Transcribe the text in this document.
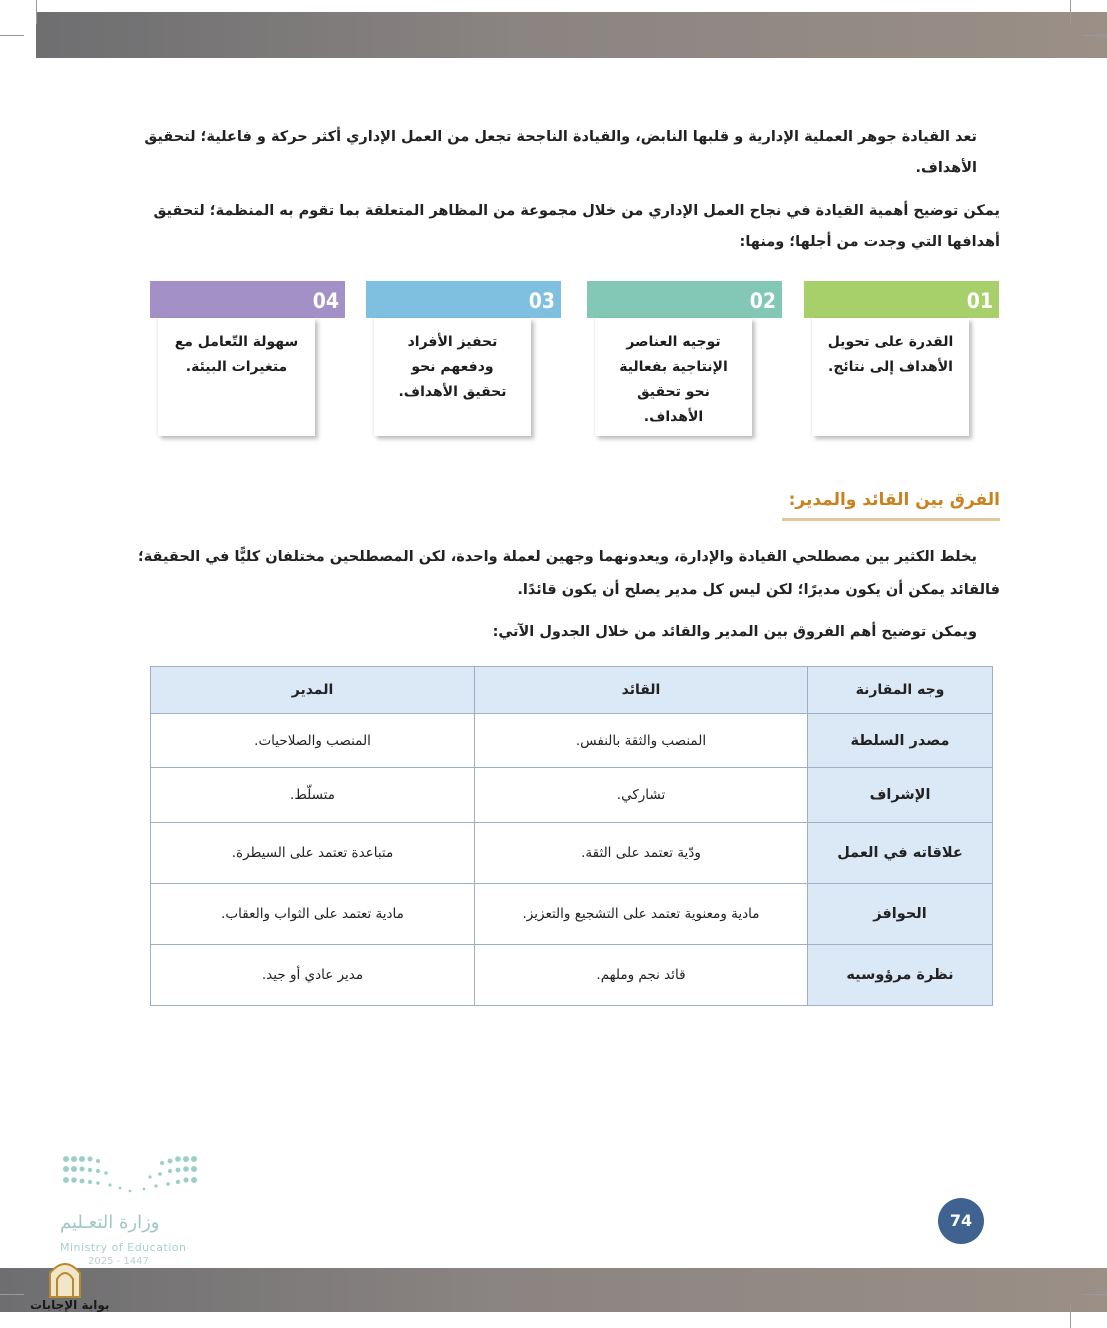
تعد القيادة جوهر العملية الإدارية و قلبها النابض، والقيادة الناجحة تجعل من العمل الإداري أكثر حركة و فاعلية؛ لتحقيق الأهداف.
يمكن توضيح أهمية القيادة في نجاح العمل الإداري من خلال مجموعة من المظاهر المتعلقة بما تقوم به المنظمة؛ لتحقيق أهدافها التي وجدت من أجلها؛ ومنها:
04
سهولة التّعامل مع متغيرات البيئة.
03
تحفيز الأفراد ودفعهم نحو تحقيق الأهداف.
02
توجيه العناصر الإنتاجية بفعالية نحو تحقيق الأهداف.
01
القدرة على تحويل الأهداف إلى نتائج.
الفرق بين القائد والمدير:
يخلط الكثير بين مصطلحي القيادة والإدارة، ويعدونهما وجهين لعملة واحدة، لكن المصطلحين مختلفان كليًّا في الحقيقة؛
فالقائد يمكن أن يكون مديرًا؛ لكن ليس كل مدير يصلح أن يكون قائدًا.
ويمكن توضيح أهم الفروق بين المدير والقائد من خلال الجدول الآتي:
وجه المقارنة	القائد	المدير
مصدر السلطة	المنصب والثقة بالنفس.	المنصب والصلاحيات.
الإشراف	تشاركي.	متسلّط.
علاقاته في العمل	ودّية تعتمد على الثقة.	متباعدة تعتمد على السيطرة.
الحوافز	مادية ومعنوية تعتمد على التشجيع والتعزيز.	مادية تعتمد على الثواب والعقاب.
نظرة مرؤوسيه	قائد نجم وملهم.	مدير عادي أو جيد.
وزارة التعـليم
Ministry of Education
2025 - 1447
74
بوابة الإجابات
